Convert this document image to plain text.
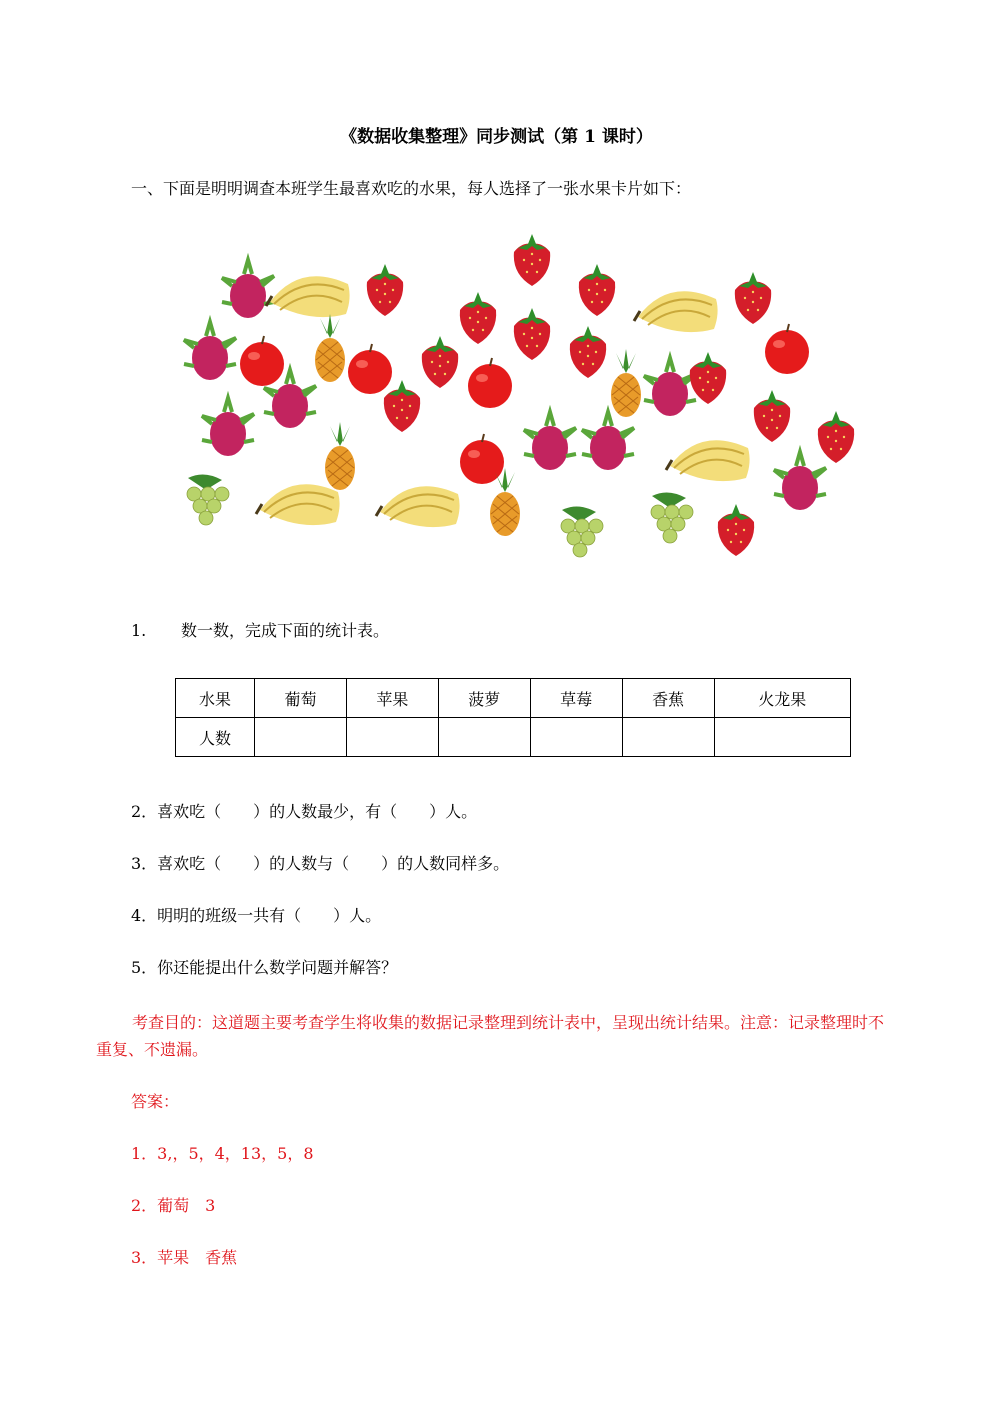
《数据收集整理》同步测试（第 1 课时）
一、下面是明明调查本班学生最喜欢吃的水果，每人选择了一张水果卡片如下：
1. 数一数，完成下面的统计表。
水果	葡萄	苹果	菠萝	草莓	香蕉	火龙果
人数						
2．喜欢吃（　　）的人数最少，有（　　）人。
3．喜欢吃（　　）的人数与（　　）的人数同样多。
4．明明的班级一共有（　　）人。
5．你还能提出什么数学问题并解答？
考查目的：这道题主要考查学生将收集的数据记录整理到统计表中，呈现出统计结果。注意：记录整理时不重复、不遗漏。
答案：
1．3,，5，4，13，5，8
2．葡萄　3
3．苹果　香蕉
